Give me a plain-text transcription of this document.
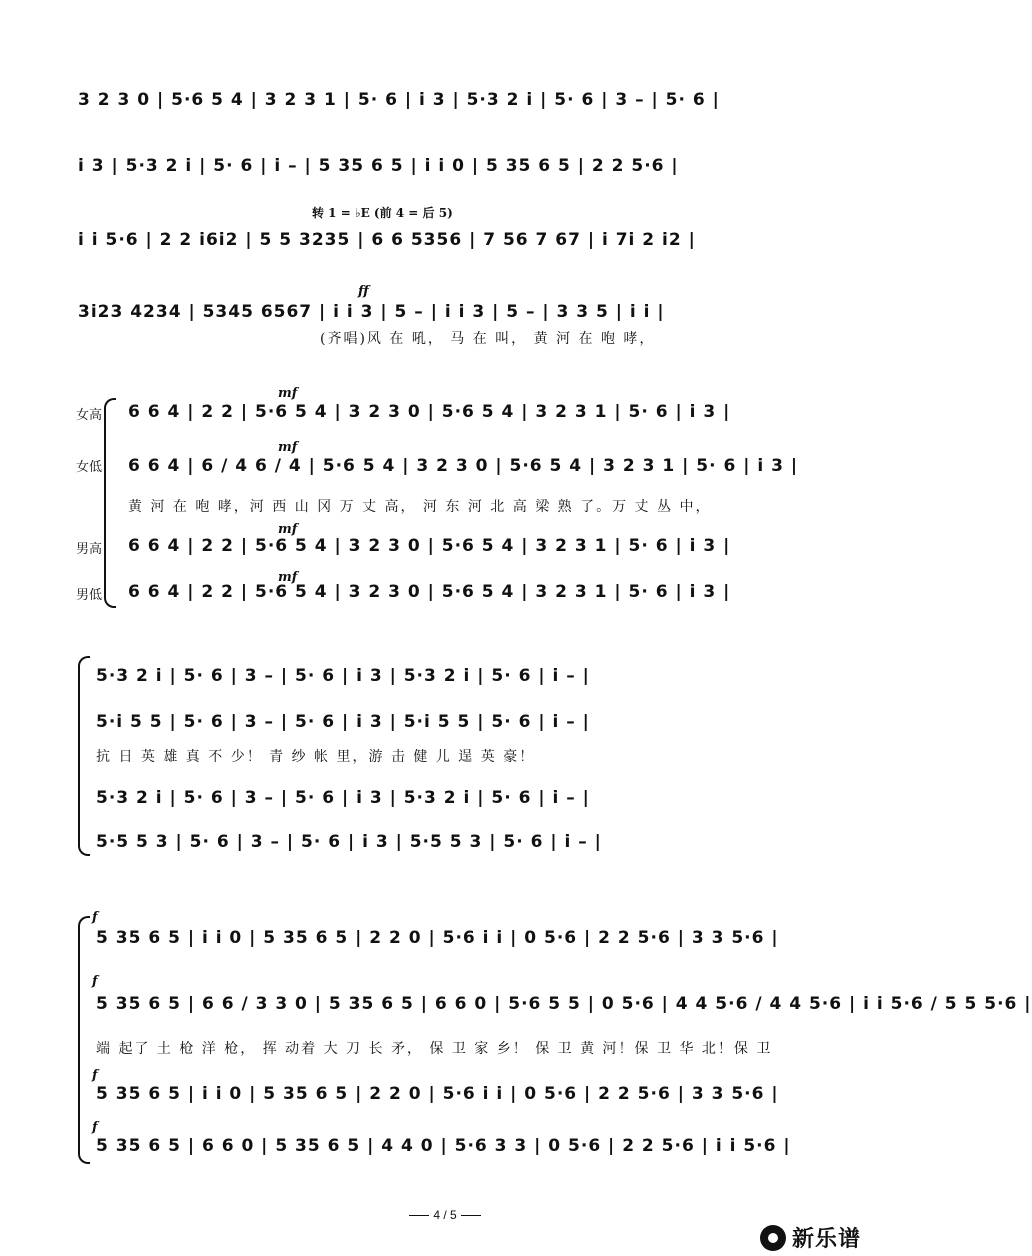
3 2 3 0 | 5·6 5 4 | 3 2 3 1 | 5· 6 | i 3 | 5·3 2 i | 5· 6 | 3 – | 5· 6 |
i 3 | 5·3 2 i | 5· 6 | i – | 5 35 6 5 | i i 0 | 5 35 6 5 | 2 2 5·6 |
转 1 = ♭E (前 4 = 后 5)
i i 5·6 | 2 2 i6i2 | 5 5 3235 | 6 6 5356 | 7 56 7 67 | i 7i 2 i2 |
ff
3i23 4234 | 5345 6567 | i i 3 | 5 – | i i 3 | 5 – | 3 3 5 | i i |
(齐唱)风 在 吼， 马 在 叫， 黄 河 在 咆 哮，
女高
女低
男高
男低
mf
mf
mf
mf
6 6 4 | 2 2 | 5·6 5 4 | 3 2 3 0 | 5·6 5 4 | 3 2 3 1 | 5· 6 | i 3 |
6 6 4 | 6 / 4 6 / 4 | 5·6 5 4 | 3 2 3 0 | 5·6 5 4 | 3 2 3 1 | 5· 6 | i 3 |
黄 河 在 咆 哮，河 西 山 冈 万 丈 高， 河 东 河 北 高 梁 熟 了。万 丈 丛 中，
6 6 4 | 2 2 | 5·6 5 4 | 3 2 3 0 | 5·6 5 4 | 3 2 3 1 | 5· 6 | i 3 |
6 6 4 | 2 2 | 5·6 5 4 | 3 2 3 0 | 5·6 5 4 | 3 2 3 1 | 5· 6 | i 3 |
5·3 2 i | 5· 6 | 3 – | 5· 6 | i 3 | 5·3 2 i | 5· 6 | i – |
5·i 5 5 | 5· 6 | 3 – | 5· 6 | i 3 | 5·i 5 5 | 5· 6 | i – |
抗 日 英 雄 真 不 少！ 青 纱 帐 里，游 击 健 儿 逞 英 豪！
5·3 2 i | 5· 6 | 3 – | 5· 6 | i 3 | 5·3 2 i | 5· 6 | i – |
5·5 5 3 | 5· 6 | 3 – | 5· 6 | i 3 | 5·5 5 3 | 5· 6 | i – |
f
f
f
f
5 35 6 5 | i i 0 | 5 35 6 5 | 2 2 0 | 5·6 i i | 0 5·6 | 2 2 5·6 | 3 3 5·6 |
5 35 6 5 | 6 6 / 3 3 0 | 5 35 6 5 | 6 6 0 | 5·6 5 5 | 0 5·6 | 4 4 5·6 / 4 4 5·6 | i i 5·6 / 5 5 5·6 |
端 起了 土 枪 洋 枪， 挥 动着 大 刀 长 矛， 保 卫 家 乡！ 保 卫 黄 河！保 卫 华 北！保 卫
5 35 6 5 | i i 0 | 5 35 6 5 | 2 2 0 | 5·6 i i | 0 5·6 | 2 2 5·6 | 3 3 5·6 |
5 35 6 5 | 6 6 0 | 5 35 6 5 | 4 4 0 | 5·6 3 3 | 0 5·6 | 2 2 5·6 | i i 5·6 |
4 / 5
新乐谱
